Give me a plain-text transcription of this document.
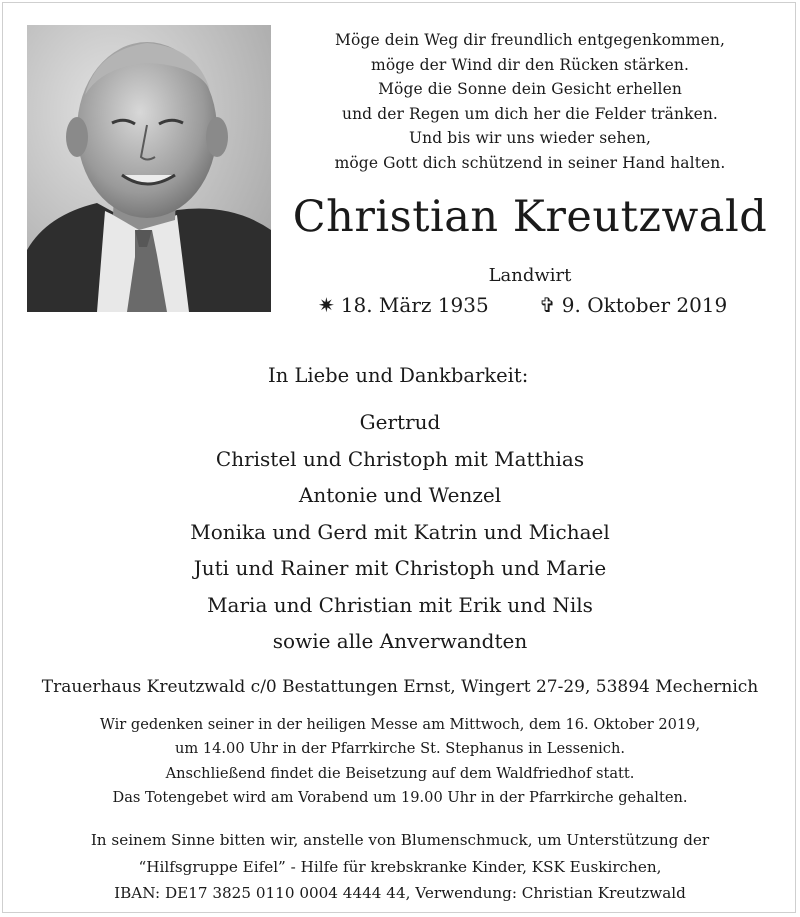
Möge dein Weg dir freundlich entgegenkommen,
möge der Wind dir den Rücken stärken.
Möge die Sonne dein Gesicht erhellen
und der Regen um dich her die Felder tränken.
Und bis wir uns wieder sehen,
möge Gott dich schützend in seiner Hand halten.
Christian Kreutzwald
Landwirt
✷ 18. März 1935	✞ 9. Oktober 2019
In Liebe und Dankbarkeit:
Gertrud
Christel und Christoph mit Matthias
Antonie und Wenzel
Monika und Gerd mit Katrin und Michael
Juti und Rainer mit Christoph und Marie
Maria und Christian mit Erik und Nils
sowie alle Anverwandten
Trauerhaus Kreutzwald c/0 Bestattungen Ernst, Wingert 27-29, 53894 Mechernich
Wir gedenken seiner in der heiligen Messe am Mittwoch, dem 16. Oktober 2019,
um 14.00 Uhr in der Pfarrkirche St. Stephanus in Lessenich.
Anschließend findet die Beisetzung auf dem Waldfriedhof statt.
Das Totengebet wird am Vorabend um 19.00 Uhr in der Pfarrkirche gehalten.
In seinem Sinne bitten wir, anstelle von Blumenschmuck, um Unterstützung der
“Hilfsgruppe Eifel” - Hilfe für krebskranke Kinder, KSK Euskirchen,
IBAN: DE17 3825 0110 0004 4444 44, Verwendung: Christian Kreutzwald
